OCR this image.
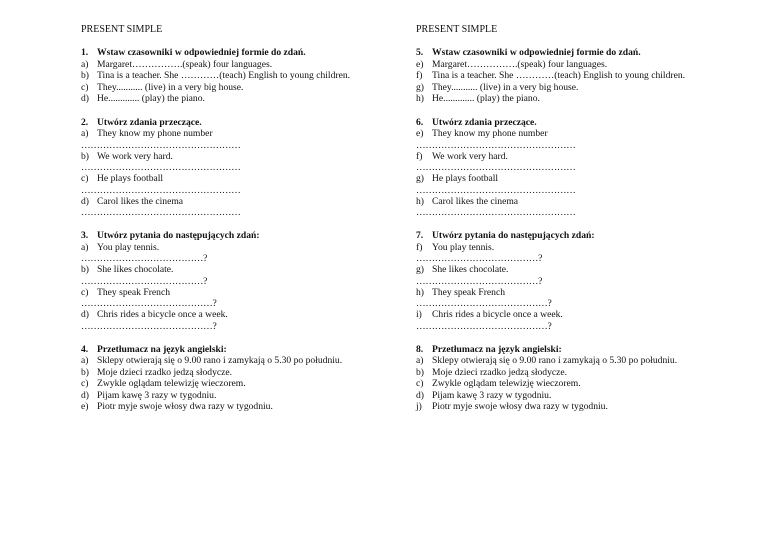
PRESENT SIMPLE
1. Wstaw czasowniki w odpowiedniej formie do zdań.
a) Margaret…………….(speak) four languages.
b) Tina is a teacher. She …………(teach) English to young children.
c) They........... (live) in a very big house.
d) He............. (play) the piano.
2. Utwórz zdania przeczące.
a) They know my phone number
……………………………………………
b) We work very hard.
……………………………………………
c) He plays football
……………………………………………
d) Carol likes the cinema
……………………………………………
3. Utwórz pytania do następujących zdań:
a) You play tennis.
…………………………………?
b) She likes chocolate.
…………………………………?
c) They speak French
……………………………………?
d) Chris rides a bicycle once a week.
……………………………………?
4. Przetłumacz na język angielski:
a) Sklepy otwierają się o 9.00 rano i zamykają o 5.30 po południu.
b) Moje dzieci rzadko jedzą słodycze.
c) Zwykle oglądam telewizję wieczorem.
d) Pijam kawę 3 razy w tygodniu.
e) Piotr myje swoje włosy dwa razy w tygodniu.
PRESENT SIMPLE
5. Wstaw czasowniki w odpowiedniej formie do zdań.
e) Margaret…………….(speak) four languages.
f)	Tina is a teacher. She …………(teach) English to young children.
g) They........... (live) in a very big house.
h) He............. (play) the piano.
6. Utwórz zdania przeczące.
e) They know my phone number
……………………………………………
f)	We work very hard.
……………………………………………
g) He plays football
……………………………………………
h) Carol likes the cinema
……………………………………………
7. Utwórz pytania do następujących zdań:
f)	You play tennis.
…………………………………?
g) She likes chocolate.
…………………………………?
h) They speak French
……………………………………?
i)	Chris rides a bicycle once a week.
……………………………………?
8. Przetłumacz na język angielski:
a) Sklepy otwierają się o 9.00 rano i zamykają o 5.30 po południu.
b) Moje dzieci rzadko jedzą słodycze.
c) Zwykle oglądam telewizję wieczorem.
d) Pijam kawę 3 razy w tygodniu.
j)	Piotr myje swoje włosy dwa razy w tygodniu.
